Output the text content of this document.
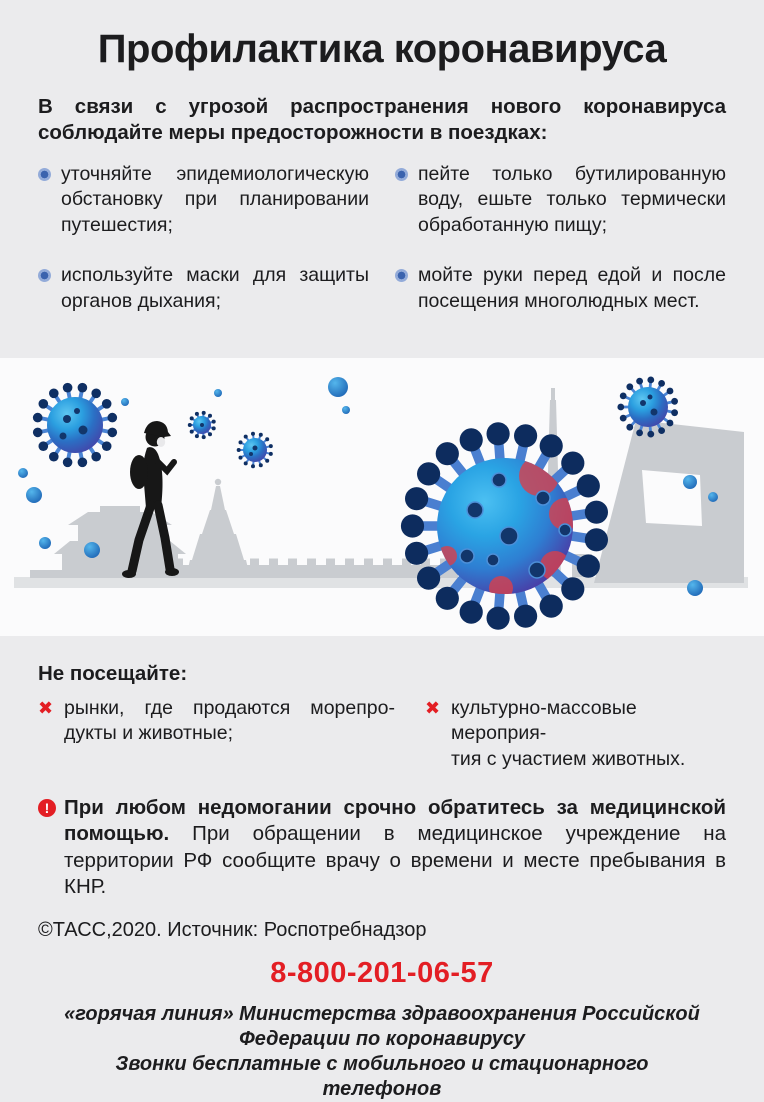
Профилактика коронавируса

В связи с угрозой распространения нового коронавируса
соблюдайте меры предосторожности в поездках:

уточняйте эпидемиологическую
обстановку при планировании
путешестия;
используйте маски для защиты
органов дыхания;
пейте только бутилированную
воду, ешьте только термически
обработанную пищу;
мойте руки перед едой и после
посещения многолюдных мест.
Не посещайте:
✖ рынки, где продаются морепро-
дукты и животные;
✖ культурно-массовые мероприя-
тия с участием животных.

! При любом недомогании срочно обратитесь за медицинской помощью. При обращении в медицинское учреждение на территории РФ сообщите врачу о времени и месте пребывания в КНР.

©ТАСС,2020. Источник: Роспотребнадзор

8-800-201-06-57

«горячая линия» Министерства здравоохранения Российской
Федерации по коронавирусу
Звонки бесплатные с мобильного и стационарного
телефонов
